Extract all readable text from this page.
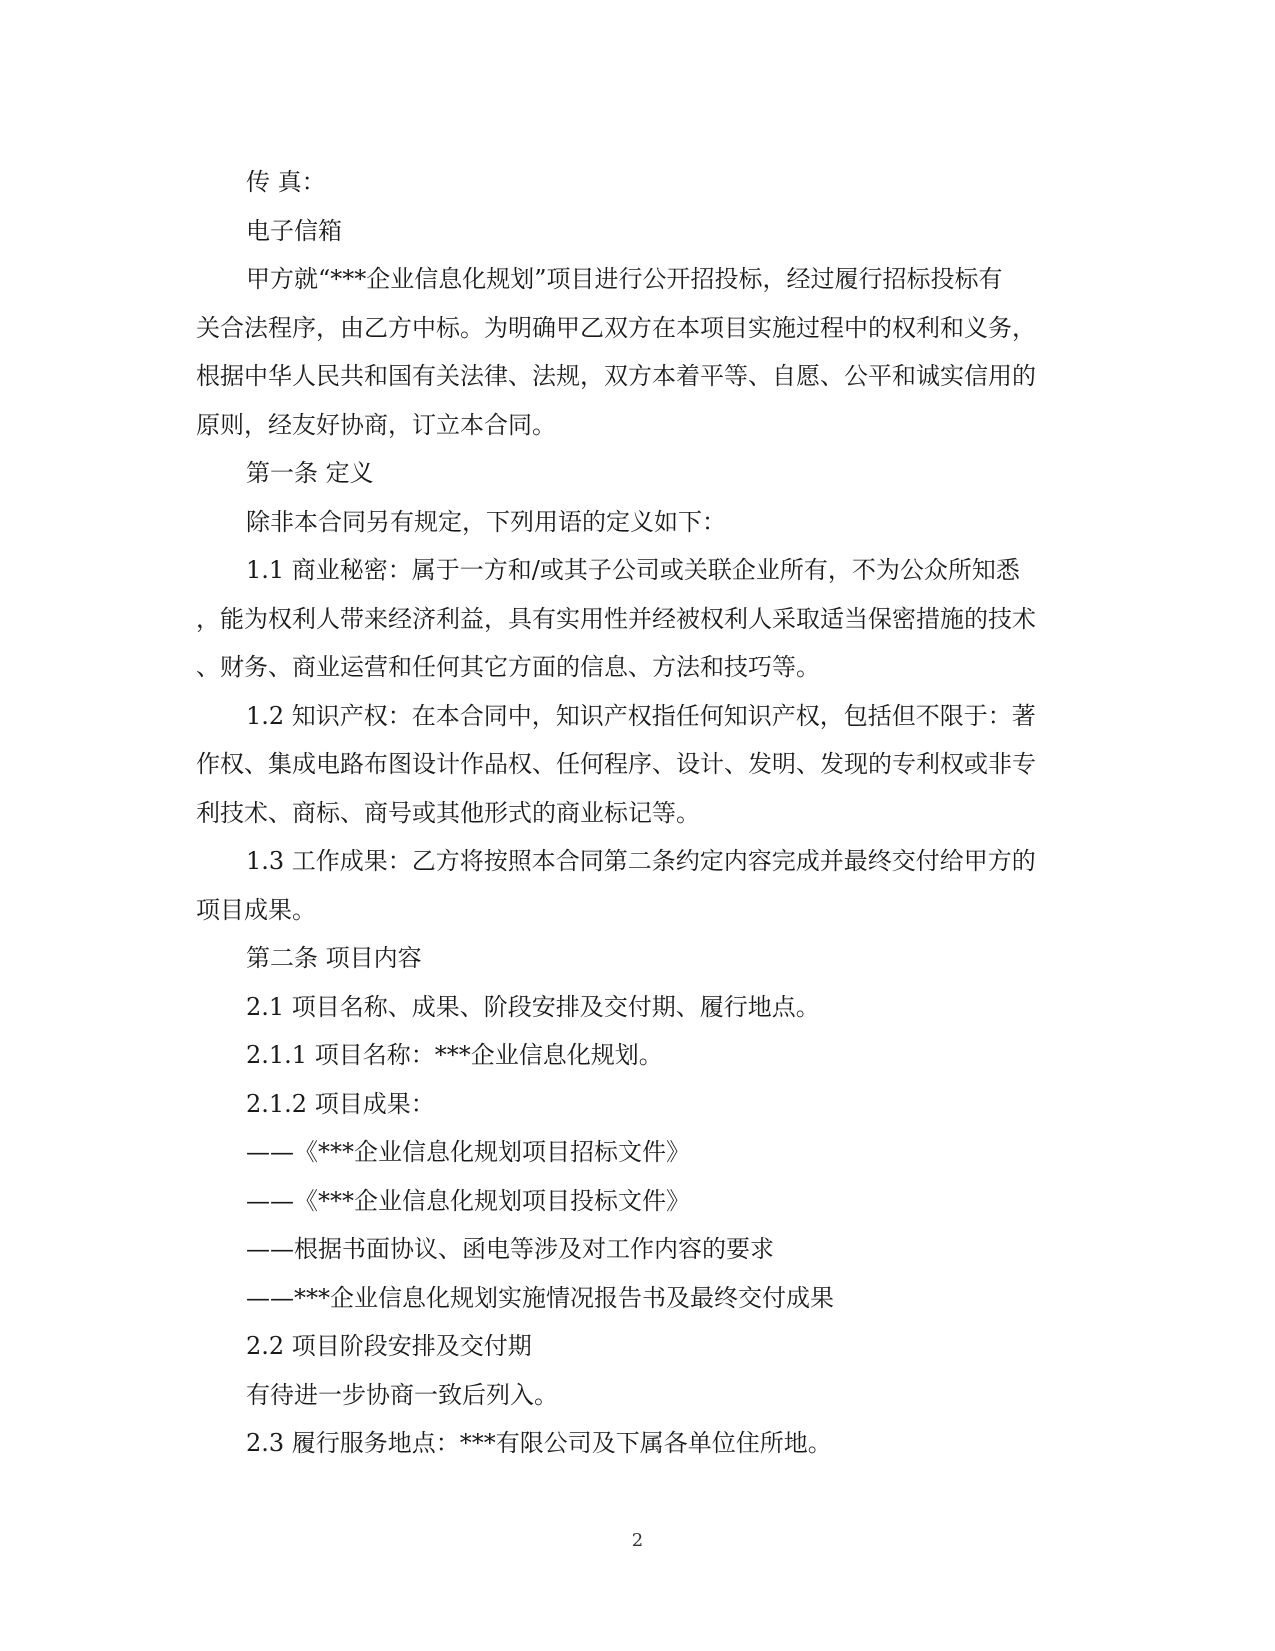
传 真：
电子信箱
甲方就“***企业信息化规划”项目进行公开招投标，经过履行招标投标有
关合法程序，由乙方中标。为明确甲乙双方在本项目实施过程中的权利和义务，
根据中华人民共和国有关法律、法规，双方本着平等、自愿、公平和诚实信用的
原则，经友好协商，订立本合同。
第一条 定义
除非本合同另有规定，下列用语的定义如下：
1.1 商业秘密：属于一方和/或其子公司或关联企业所有，不为公众所知悉
，能为权利人带来经济利益，具有实用性并经被权利人采取适当保密措施的技术
、财务、商业运营和任何其它方面的信息、方法和技巧等。
1.2 知识产权：在本合同中，知识产权指任何知识产权，包括但不限于：著
作权、集成电路布图设计作品权、任何程序、设计、发明、发现的专利权或非专
利技术、商标、商号或其他形式的商业标记等。
1.3 工作成果：乙方将按照本合同第二条约定内容完成并最终交付给甲方的
项目成果。
第二条 项目内容
2.1 项目名称、成果、阶段安排及交付期、履行地点。
2.1.1 项目名称：***企业信息化规划。
2.1.2 项目成果：
——《***企业信息化规划项目招标文件》
——《***企业信息化规划项目投标文件》
——根据书面协议、函电等涉及对工作内容的要求
——***企业信息化规划实施情况报告书及最终交付成果
2.2 项目阶段安排及交付期
有待进一步协商一致后列入。
2.3 履行服务地点：***有限公司及下属各单位住所地。
2
